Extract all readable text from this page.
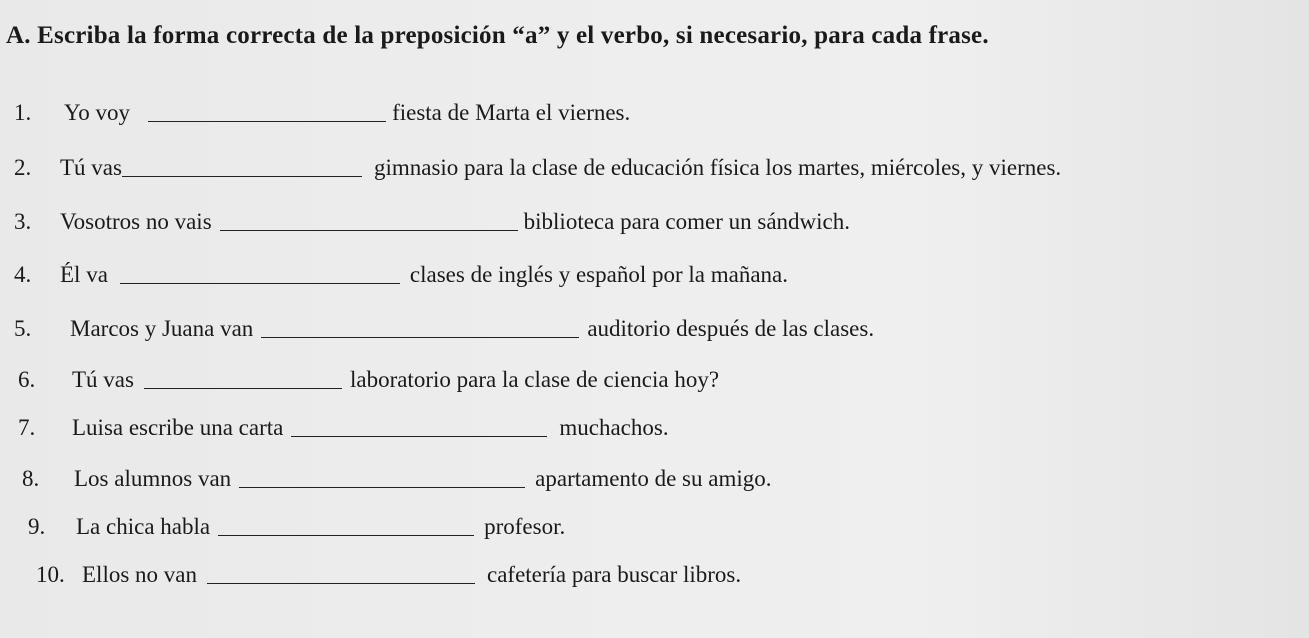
A. Escriba la forma correcta de la preposición “a” y el verbo, si necesario, para cada frase.
1.	Yo voy	fiesta de Marta el viernes.
2.	Tú vas	gimnasio para la clase de educación física los martes, miércoles, y viernes.
3.	Vosotros no vais	biblioteca para comer un sándwich.
4.	Él va	clases de inglés y español por la mañana.
5.	Marcos y Juana van	auditorio después de las clases.
6.	Tú vas	laboratorio para la clase de ciencia hoy?
7.	Luisa escribe una carta	muchachos.
8.	Los alumnos van	apartamento de su amigo.
9.	La chica habla	profesor.
10. Ellos no van	cafetería para buscar libros.
